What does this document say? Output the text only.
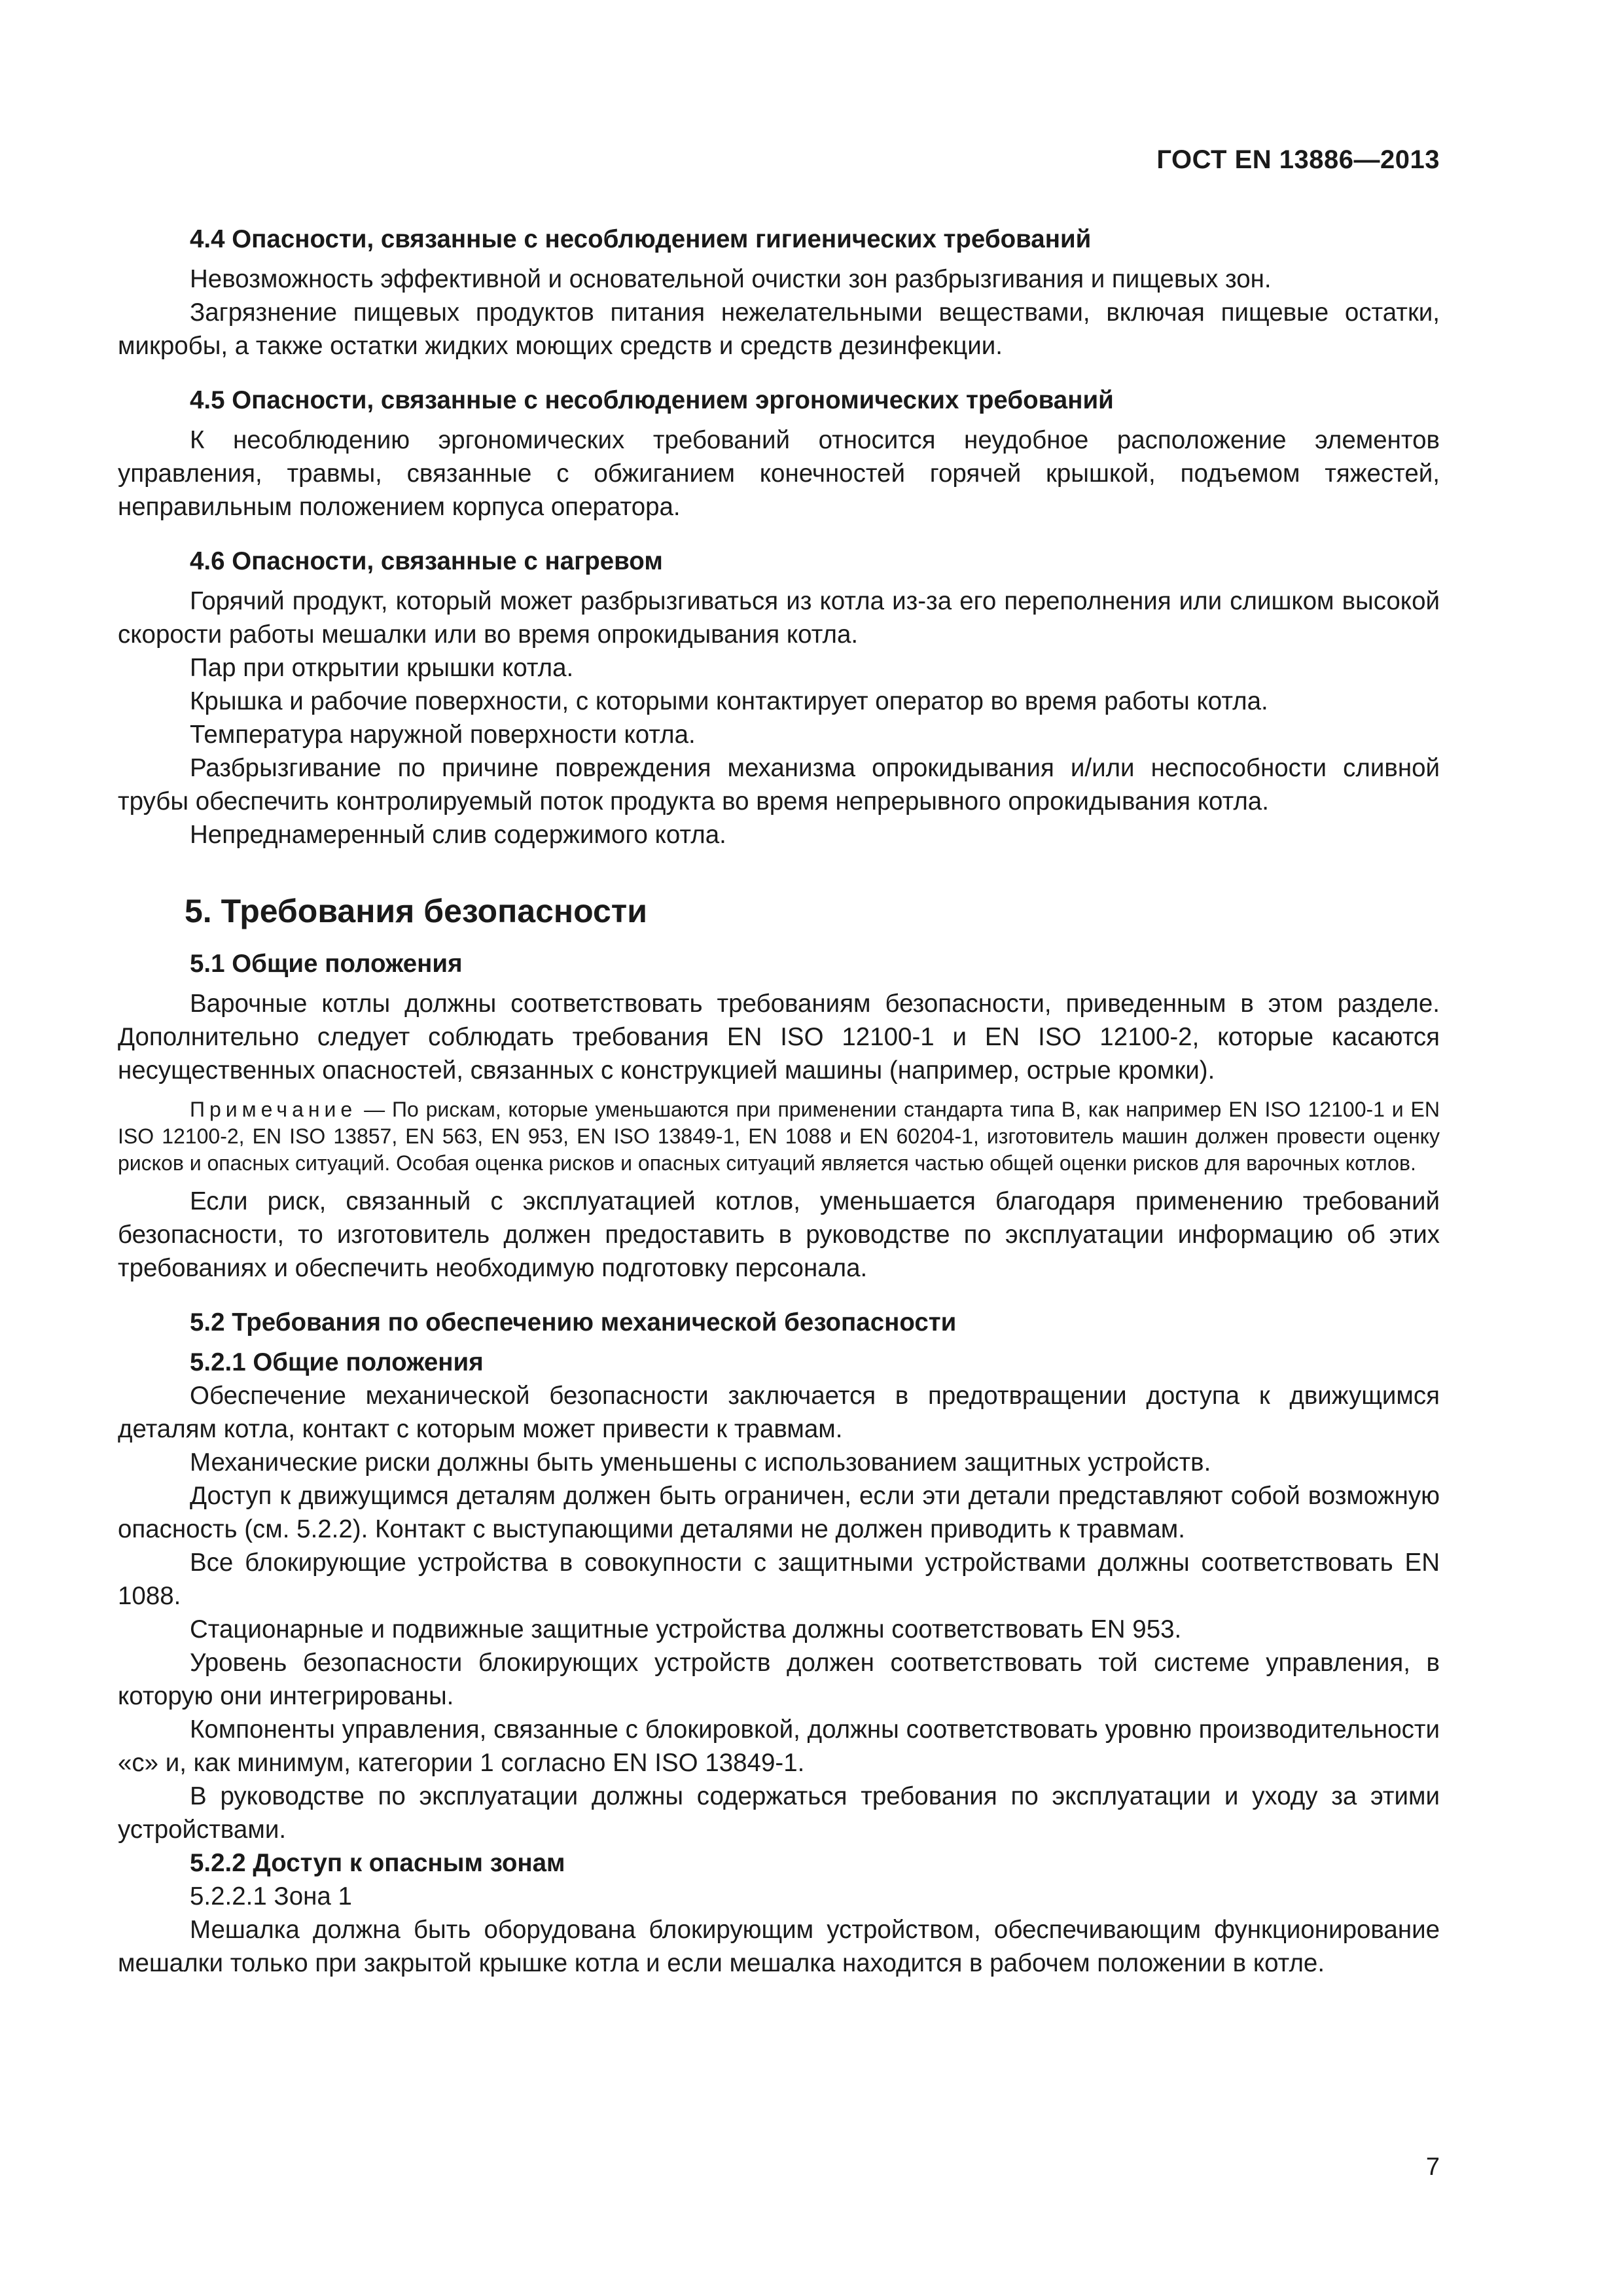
ГОСТ EN 13886—2013
4.4 Опасности, связанные с несоблюдением гигиенических требований

Невозможность эффективной и основательной очистки зон разбрызгивания и пищевых зон.

Загрязнение пищевых продуктов питания нежелательными веществами, включая пищевые остатки, микробы, а также остатки жидких моющих средств и средств дезинфекции.

4.5 Опасности, связанные с несоблюдением эргономических требований

К несоблюдению эргономических требований относится неудобное расположение элементов управления, травмы, связанные с обжиганием конечностей горячей крышкой, подъемом тяжестей, неправильным положением корпуса оператора.

4.6 Опасности, связанные с нагревом

Горячий продукт, который может разбрызгиваться из котла из-за его переполнения или слишком высокой скорости работы мешалки или во время опрокидывания котла.

Пар при открытии крышки котла.

Крышка и рабочие поверхности, с которыми контактирует оператор во время работы котла.

Температура наружной поверхности котла.

Разбрызгивание по причине повреждения механизма опрокидывания и/или неспособности сливной трубы обеспечить контролируемый поток продукта во время непрерывного опрокидывания котла.

Непреднамеренный слив содержимого котла.

5. Требования безопасности
5.1 Общие положения

Варочные котлы должны соответствовать требованиям безопасности, приведенным в этом разделе. Дополнительно следует соблюдать требования EN ISO 12100-1 и EN ISO 12100-2, которые касаются несущественных опасностей, связанных с конструкцией машины (например, острые кромки).

Примечание — По рискам, которые уменьшаются при применении стандарта типа В, как например EN ISO 12100-1 и EN ISO 12100-2, EN ISO 13857, EN 563, EN 953, EN ISO 13849-1, EN 1088 и EN 60204-1, изготовитель машин должен провести оценку рисков и опасных ситуаций. Особая оценка рисков и опасных ситуаций является частью общей оценки рисков для варочных котлов.

Если риск, связанный с эксплуатацией котлов, уменьшается благодаря применению требований безопасности, то изготовитель должен предоставить в руководстве по эксплуатации информацию об этих требованиях и обеспечить необходимую подготовку персонала.

5.2 Требования по обеспечению механической безопасности
5.2.1 Общие положения

Обеспечение механической безопасности заключается в предотвращении доступа к движущимся деталям котла, контакт с которым может привести к травмам.

Механические риски должны быть уменьшены с использованием защитных устройств.

Доступ к движущимся деталям должен быть ограничен, если эти детали представляют собой возможную опасность (см. 5.2.2). Контакт с выступающими деталями не должен приводить к травмам.

Все блокирующие устройства в совокупности с защитными устройствами должны соответствовать EN 1088.

Стационарные и подвижные защитные устройства должны соответствовать EN 953.

Уровень безопасности блокирующих устройств должен соответствовать той системе управления, в которую они интегрированы.

Компоненты управления, связанные с блокировкой, должны соответствовать уровню производительности «с» и, как минимум, категории 1 согласно EN ISO 13849-1.

В руководстве по эксплуатации должны содержаться требования по эксплуатации и уходу за этими устройствами.

5.2.2 Доступ к опасным зонам

5.2.2.1 Зона 1

Мешалка должна быть оборудована блокирующим устройством, обеспечивающим функционирование мешалки только при закрытой крышке котла и если мешалка находится в рабочем положении в котле.

7
